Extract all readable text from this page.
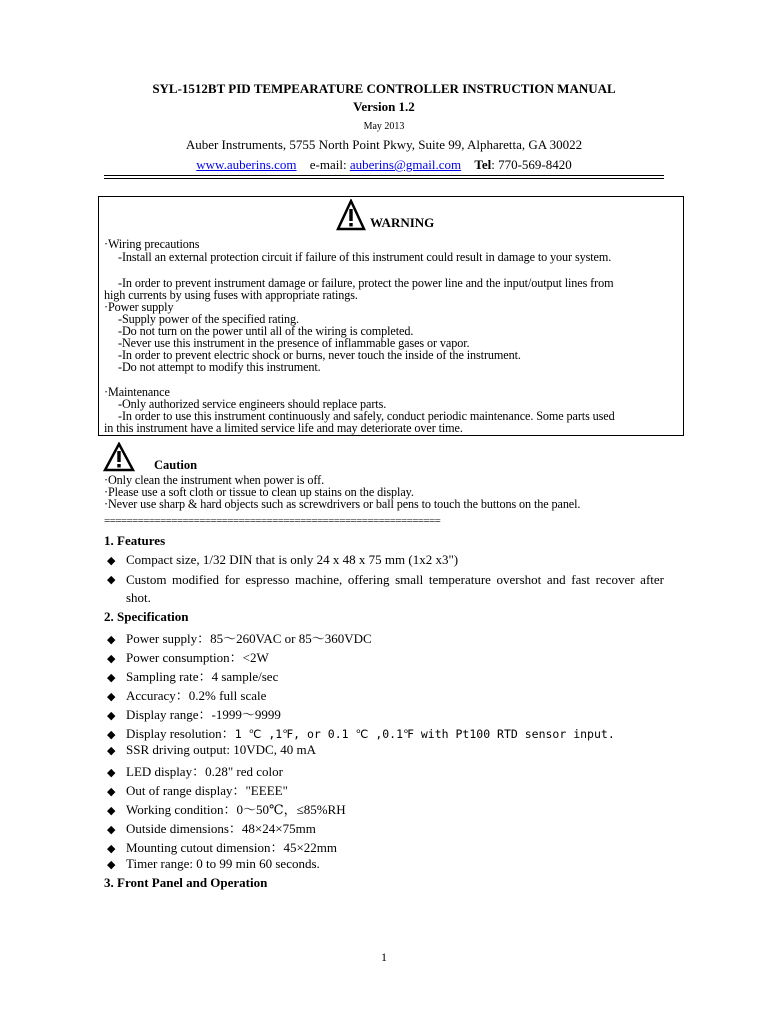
SYL-1512BT PID TEMPEARATURE CONTROLLER INSTRUCTION MANUAL
Version 1.2
May 2013
Auber Instruments, 5755 North Point Pkwy, Suite 99, Alpharetta, GA 30022
www.auberins.com e-mail: auberins@gmail.com Tel: 770-569-8420
WARNING
·Wiring precautions
-Install an external protection circuit if failure of this instrument could result in damage to your system.
-In order to prevent instrument damage or failure, protect the power line and the input/output lines from
high currents by using fuses with appropriate ratings.
·Power supply
-Supply power of the specified rating.
-Do not turn on the power until all of the wiring is completed.
-Never use this instrument in the presence of inflammable gases or vapor.
-In order to prevent electric shock or burns, never touch the inside of the instrument.
-Do not attempt to modify this instrument.
·Maintenance
-Only authorized service engineers should replace parts.
-In order to use this instrument continuously and safely, conduct periodic maintenance. Some parts used
in this instrument have a limited service life and may deteriorate over time.
Caution
·Only clean the instrument when power is off.
·Please use a soft cloth or tissue to clean up stains on the display.
·Never use sharp & hard objects such as screwdrivers or ball pens to touch the buttons on the panel.
============================================================
1. Features
◆ Compact size, 1/32 DIN that is only 24 x 48 x 75 mm (1x2 x3")
◆ Custom modified for espresso machine, offering small temperature overshot and fast recover after
shot.
2. Specification
◆ Power supply：85～260VAC or 85～360VDC
◆ Power consumption：<2W
◆ Sampling rate：4 sample/sec
◆ Accuracy：0.2% full scale
◆ Display range：-1999～9999
◆ Display resolution：1 ℃ ,1℉, or 0.1 ℃ ,0.1℉ with Pt100 RTD sensor input.
◆ SSR driving output: 10VDC, 40 mA
◆ LED display：0.28" red color
◆ Out of range display："EEEE"
◆ Working condition：0～50℃，≤85%RH
◆ Outside dimensions：48×24×75mm
◆ Mounting cutout dimension：45×22mm
◆ Timer range: 0 to 99 min 60 seconds.
3. Front Panel and Operation
1
